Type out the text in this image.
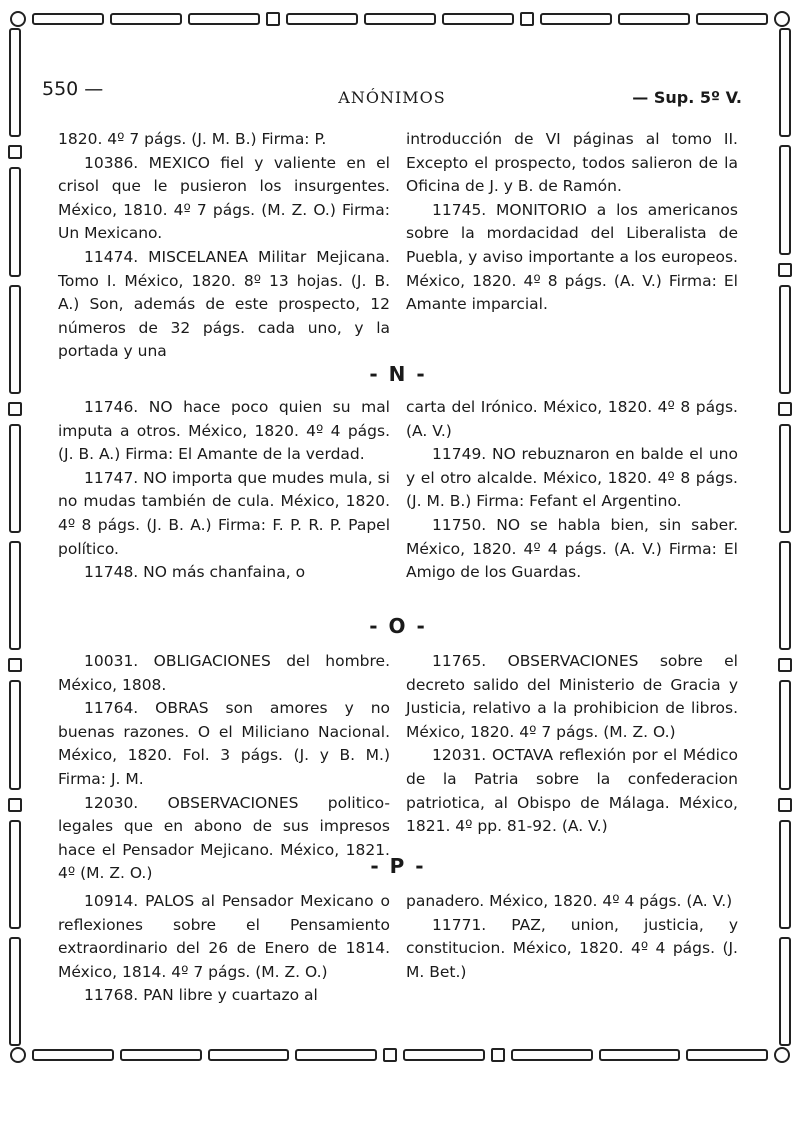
550 —	ANÓNIMOS	— Sup. 5º V.

1820. 4º 7 págs. (J. M. B.) Firma: P.

10386. MEXICO fiel y valiente en el crisol que le pusieron los insurgentes. México, 1810. 4º 7 págs. (M. Z. O.) Firma: Un Mexicano.

11474. MISCELANEA Militar Mejicana. Tomo I. México, 1820. 8º 13 hojas. (J. B. A.) Son, además de este prospecto, 12 números de 32 págs. cada uno, y la portada y una

introducción de VI páginas al tomo II. Excepto el prospecto, todos salieron de la Oficina de J. y B. de Ramón.

11745. MONITORIO a los americanos sobre la mordacidad del Liberalista de Puebla, y aviso importante a los europeos. México, 1820. 4º 8 págs. (A. V.) Firma: El Amante imparcial.

- N -

11746. NO hace poco quien su mal imputa a otros. México, 1820. 4º 4 págs. (J. B. A.) Firma: El Amante de la verdad.

11747. NO importa que mudes mula, si no mudas también de cula. México, 1820. 4º 8 págs. (J. B. A.) Firma: F. P. R. P. Papel político.

11748. NO más chanfaina, o

carta del Irónico. México, 1820. 4º 8 págs. (A. V.)

11749. NO rebuznaron en balde el uno y el otro alcalde. México, 1820. 4º 8 págs. (J. M. B.) Firma: Fefant el Argentino.

11750. NO se habla bien, sin saber. México, 1820. 4º 4 págs. (A. V.) Firma: El Amigo de los Guardas.

- O -

10031. OBLIGACIONES del hombre. México, 1808.

11764. OBRAS son amores y no buenas razones. O el Miliciano Nacional. México, 1820. Fol. 3 págs. (J. y B. M.) Firma: J. M.

12030. OBSERVACIONES politico-legales que en abono de sus impresos hace el Pensador Mejicano. México, 1821. 4º (M. Z. O.)

11765. OBSERVACIONES sobre el decreto salido del Ministerio de Gracia y Justicia, relativo a la prohibicion de libros. México, 1820. 4º 7 págs. (M. Z. O.)

12031. OCTAVA reflexión por el Médico de la Patria sobre la confederacion patriotica, al Obispo de Málaga. México, 1821. 4º pp. 81-92. (A. V.)

- P -

10914. PALOS al Pensador Mexicano o reflexiones sobre el Pensamiento extraordinario del 26 de Enero de 1814. México, 1814. 4º 7 págs. (M. Z. O.)

11768. PAN libre y cuartazo al

panadero. México, 1820. 4º 4 págs. (A. V.)

11771. PAZ, union, justicia, y constitucion. México, 1820. 4º 4 págs. (J. M. Bet.)
